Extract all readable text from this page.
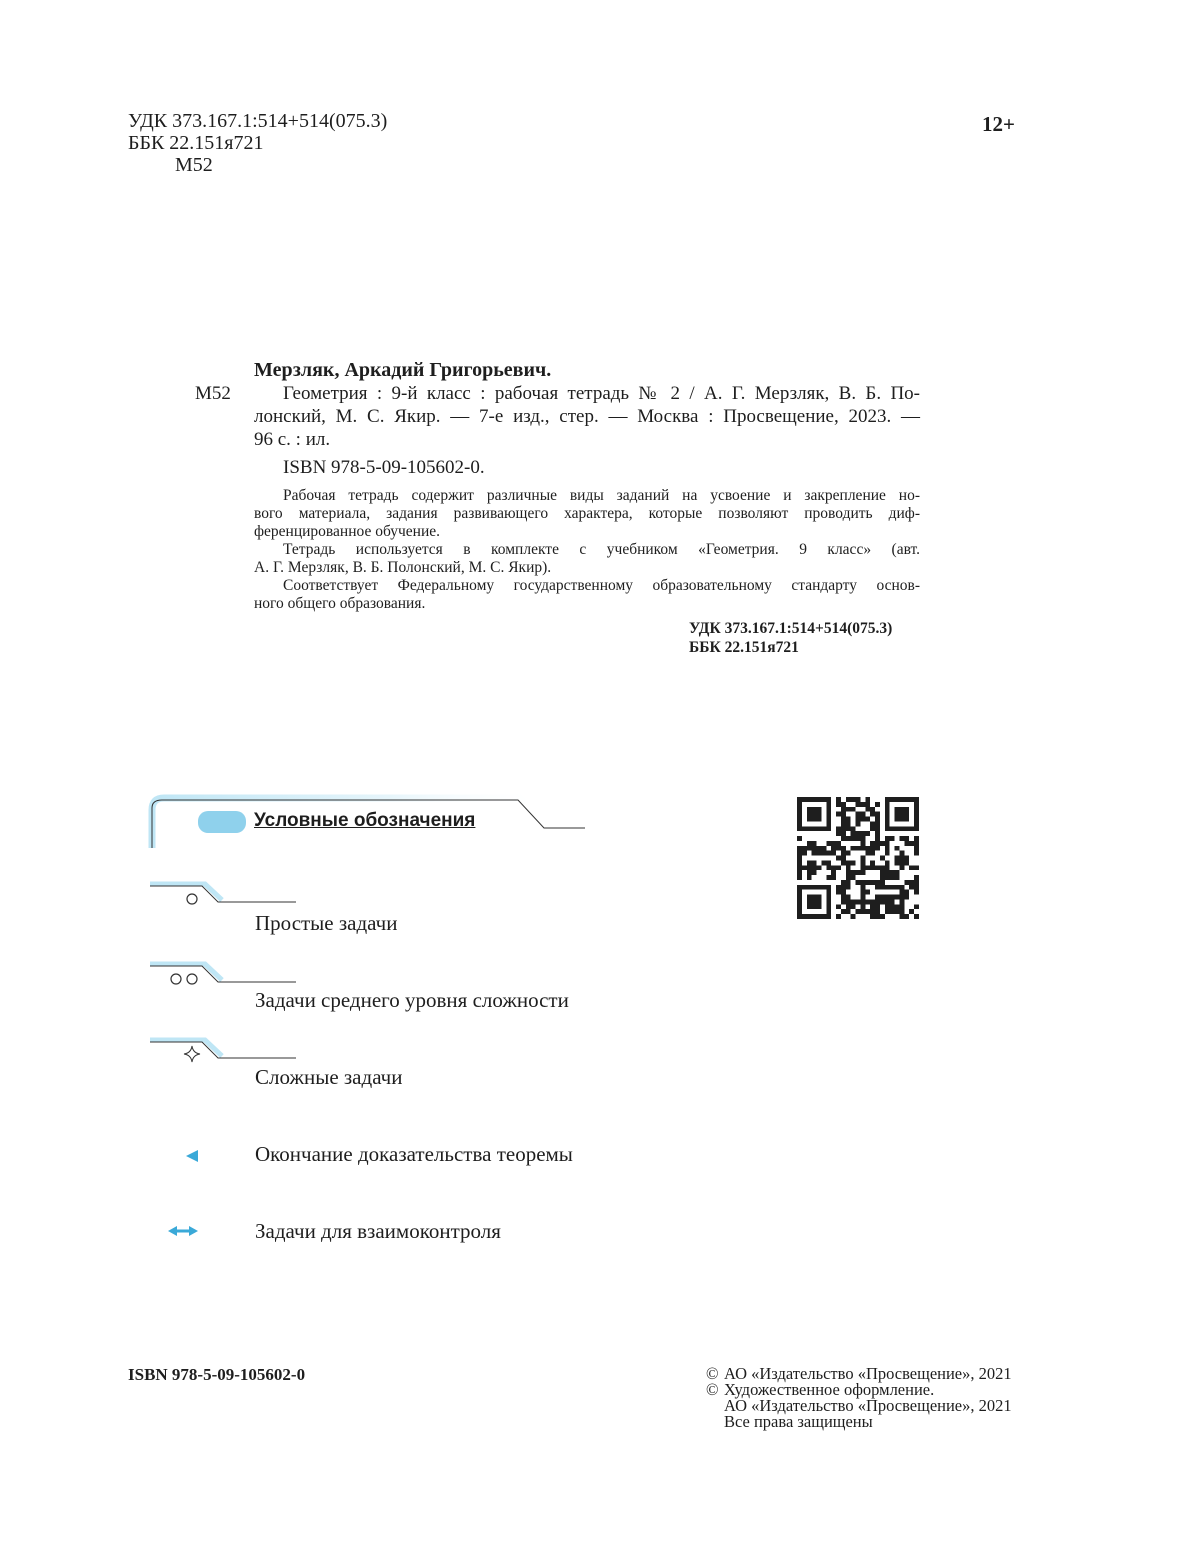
УДК 373.167.1:514+514(075.3)
ББК 22.151я721
М52
12+
М52
Мерзляк, Аркадий Григорьевич.
Геометрия : 9-й класс : рабочая тетрадь № 2 / А. Г. Мерзляк, В. Б. По-
лонский, М. С. Якир. — 7-е изд., стер. — Москва : Просвещение, 2023. —
96 с. : ил.
ISBN 978-5-09-105602-0.
Рабочая тетрадь содержит различные виды заданий на усвоение и закрепление но-
вого материала, задания развивающего характера, которые позволяют проводить диф-
ференцированное обучение.
Тетрадь используется в комплекте с учебником «Геометрия. 9 класс» (авт.
А. Г. Мерзляк, В. Б. Полонский, М. С. Якир).
Соответствует Федеральному государственному образовательному стандарту основ-
ного общего образования.
УДК 373.167.1:514+514(075.3)
ББК 22.151я721
Условные обозначения
Простые задачи
Задачи среднего уровня сложности
Сложные задачи
Окончание доказательства теоремы
Задачи для взаимоконтроля
ISBN 978-5-09-105602-0	© АО «Издательство «Просвещение», 2021
© Художественное оформление.
АО «Издательство «Просвещение», 2021
Все права защищены
